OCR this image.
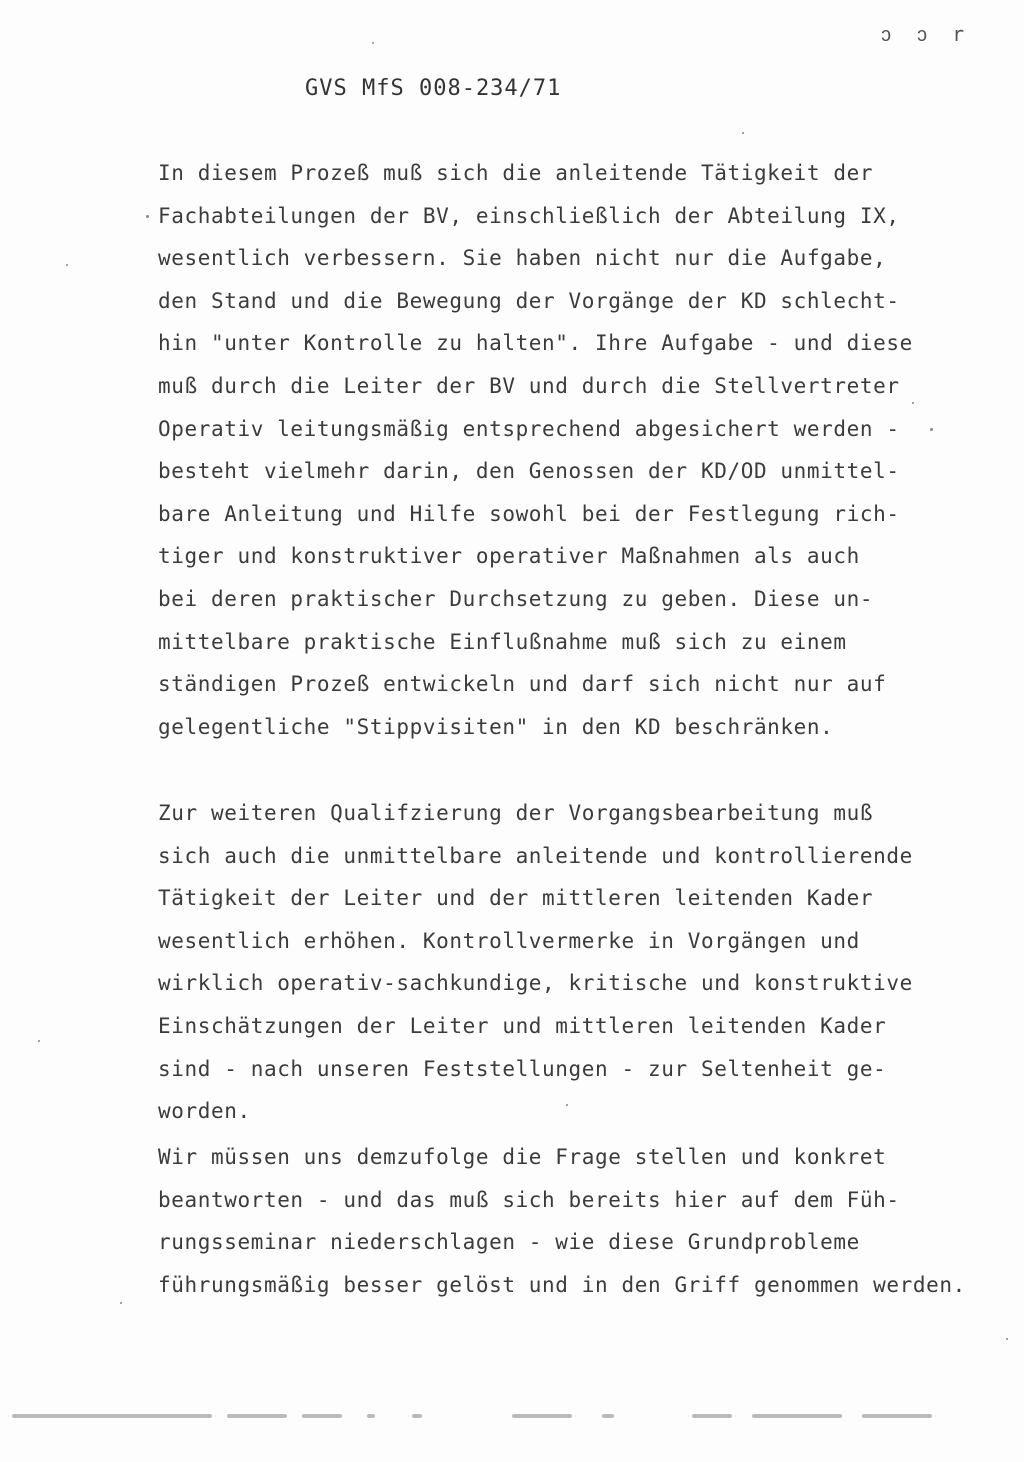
ↄ ↄ r
GVS MfS 008-234/71
In diesem Prozeß muß sich die anleitende Tätigkeit der
Fachabteilungen der BV, einschließlich der Abteilung IX,
wesentlich verbessern. Sie haben nicht nur die Aufgabe,
den Stand und die Bewegung der Vorgänge der KD schlecht-
hin "unter Kontrolle zu halten". Ihre Aufgabe - und diese
muß durch die Leiter der BV und durch die Stellvertreter
Operativ leitungsmäßig entsprechend abgesichert werden -
besteht vielmehr darin, den Genossen der KD/OD unmittel-
bare Anleitung und Hilfe sowohl bei der Festlegung rich-
tiger und konstruktiver operativer Maßnahmen als auch
bei deren praktischer Durchsetzung zu geben. Diese un-
mittelbare praktische Einflußnahme muß sich zu einem
ständigen Prozeß entwickeln und darf sich nicht nur auf
gelegentliche "Stippvisiten" in den KD beschränken.
Zur weiteren Qualifzierung der Vorgangsbearbeitung muß
sich auch die unmittelbare anleitende und kontrollierende
Tätigkeit der Leiter und der mittleren leitenden Kader
wesentlich erhöhen. Kontrollvermerke in Vorgängen und
wirklich operativ-sachkundige, kritische und konstruktive
Einschätzungen der Leiter und mittleren leitenden Kader
sind - nach unseren Feststellungen - zur Seltenheit ge-
worden.
Wir müssen uns demzufolge die Frage stellen und konkret
beantworten - und das muß sich bereits hier auf dem Füh-
rungsseminar niederschlagen - wie diese Grundprobleme
führungsmäßig besser gelöst und in den Griff genommen werden.
